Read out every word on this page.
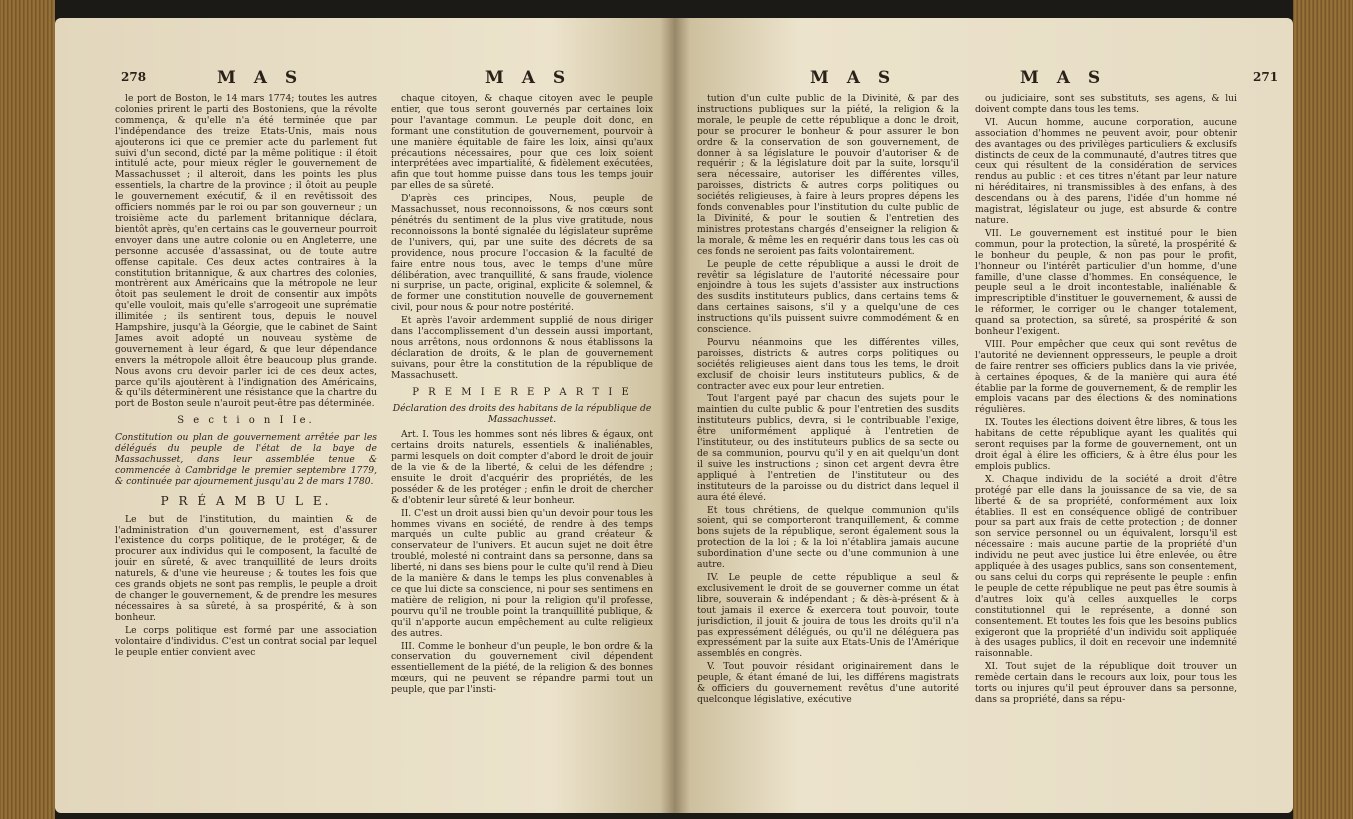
278	M A S	M A S

le port de Boston, le 14 mars 1774; toutes les autres colonies prirent le parti des Bostoniens, que la révolte commença, & qu'elle n'a été terminée que par l'indépendance des treize Etats-Unis, mais nous ajouterons ici que ce premier acte du parlement fut suivi d'un second, dicté par la même politique : il étoit intitulé acte, pour mieux régler le gouvernement de Massachusset ; il alteroit, dans les points les plus essentiels, la chartre de la province ; il ôtoit au peuple le gouvernement exécutif, & il en revêtissoit des officiers nommés par le roi ou par son gouverneur ; un troisième acte du parlement britannique déclara, bientôt après, qu'en certains cas le gouverneur pourroit envoyer dans une autre colonie ou en Angleterre, une personne accusée d'assassinat, ou de toute autre offense capitale. Ces deux actes contraires à la constitution britannique, & aux chartres des colonies, montrèrent aux Américains que la métropole ne leur ôtoit pas seulement le droit de consentir aux impôts qu'elle vouloit, mais qu'elle s'arrogeoit une suprématie illimitée ; ils sentirent tous, depuis le nouvel Hampshire, jusqu'à la Géorgie, que le cabinet de Saint James avoit adopté un nouveau système de gouvernement à leur égard, & que leur dépendance envers la métropole alloit être beaucoup plus grande. Nous avons cru devoir parler ici de ces deux actes, parce qu'ils ajoutèrent à l'indignation des Américains, & qu'ils déterminèrent une résistance que la chartre du port de Boston seule n'auroit peut-être pas déterminée.

S e c t i o n I Ie.

Constitution ou plan de gouvernement arrêtée par les délégués du peuple de l'état de la baye de Massachusset, dans leur assemblée tenue & commencée à Cambridge le premier septembre 1779, & continuée par ajournement jusqu'au 2 de mars 1780.

P R É A M B U L E.

Le but de l'institution, du maintien & de l'administration d'un gouvernement, est d'assurer l'existence du corps politique, de le protéger, & de procurer aux individus qui le composent, la faculté de jouir en sûreté, & avec tranquillité de leurs droits naturels, & d'une vie heureuse ; & toutes les fois que ces grands objets ne sont pas remplis, le peuple a droit de changer le gouvernement, & de prendre les mesures nécessaires à sa sûreté, à sa prospérité, & à son bonheur.

Le corps politique est formé par une association volontaire d'individus. C'est un contrat social par lequel le peuple entier convient avec

chaque citoyen, & chaque citoyen avec le peuple entier, que tous seront gouvernés par certaines loix pour l'avantage commun. Le peuple doit donc, en formant une constitution de gouvernement, pourvoir à une manière équitable de faire les loix, ainsi qu'aux précautions nécessaires, pour que ces loix soient interprétées avec impartialité, & fidèlement exécutées, afin que tout homme puisse dans tous les temps jouir par elles de sa sûreté.

D'après ces principes, Nous, peuple de Massachusset, nous reconnoissons, & nos cœurs sont pénétrés du sentiment de la plus vive gratitude, nous reconnoissons la bonté signalée du législateur suprême de l'univers, qui, par une suite des décrets de sa providence, nous procure l'occasion & la faculté de faire entre nous tous, avec le temps d'une mûre délibération, avec tranquillité, & sans fraude, violence ni surprise, un pacte, original, explicite & solemnel, & de former une constitution nouvelle de gouvernement civil, pour nous & pour notre postérité.

Et après l'avoir ardemment supplié de nous diriger dans l'accomplissement d'un dessein aussi important, nous arrêtons, nous ordonnons & nous établissons la déclaration de droits, & le plan de gouvernement suivans, pour être la constitution de la république de Massachusett.

P R E M I E R E P A R T I E

Déclaration des droits des habitans de la république de Massachusset.

Art. I. Tous les hommes sont nés libres & égaux, ont certains droits naturels, essentiels & inaliénables, parmi lesquels on doit compter d'abord le droit de jouir de la vie & de la liberté, & celui de les défendre ; ensuite le droit d'acquérir des propriétés, de les posséder & de les protéger ; enfin le droit de chercher & d'obtenir leur sûreté & leur bonheur.

II. C'est un droit aussi bien qu'un devoir pour tous les hommes vivans en société, de rendre à des temps marqués un culte public au grand créateur & conservateur de l'univers. Et aucun sujet ne doit être troublé, molesté ni contraint dans sa personne, dans sa liberté, ni dans ses biens pour le culte qu'il rend à Dieu de la manière & dans le temps les plus convenables à ce que lui dicte sa conscience, ni pour ses sentimens en matière de religion, ni pour la religion qu'il professe, pourvu qu'il ne trouble point la tranquillité publique, & qu'il n'apporte aucun empêchement au culte religieux des autres.

III. Comme le bonheur d'un peuple, le bon ordre & la conservation du gouvernement civil dépendent essentiellement de la piété, de la religion & des bonnes mœurs, qui ne peuvent se répandre parmi tout un peuple, que par l'insti-

M A S	M A S	271

tution d'un culte public de la Divinité, & par des instructions publiques sur la piété, la religion & la morale, le peuple de cette république a donc le droit, pour se procurer le bonheur & pour assurer le bon ordre & la conservation de son gouvernement, de donner à sa législature le pouvoir d'autoriser & de requérir ; & la législature doit par la suite, lorsqu'il sera nécessaire, autoriser les différentes villes, paroisses, districts & autres corps politiques ou sociétés religieuses, à faire à leurs propres dépens les fonds convenables pour l'institution du culte public de la Divinité, & pour le soutien & l'entretien des ministres protestans chargés d'enseigner la religion & la morale, & même les en requérir dans tous les cas où ces fonds ne seroient pas faits volontairement.

Le peuple de cette république a aussi le droit de revêtir sa législature de l'autorité nécessaire pour enjoindre à tous les sujets d'assister aux instructions des susdits instituteurs publics, dans certains tems & dans certaines saisons, s'il y a quelqu'une de ces instructions qu'ils puissent suivre commodément & en conscience.

Pourvu néanmoins que les différentes villes, paroisses, districts & autres corps politiques ou sociétés religieuses aient dans tous les tems, le droit exclusif de choisir leurs instituteurs publics, & de contracter avec eux pour leur entretien.

Tout l'argent payé par chacun des sujets pour le maintien du culte public & pour l'entretien des susdits instituteurs publics, devra, si le contribuable l'exige, être uniformément appliqué à l'entretien de l'instituteur, ou des instituteurs publics de sa secte ou de sa communion, pourvu qu'il y en ait quelqu'un dont il suive les instructions ; sinon cet argent devra être appliqué à l'entretien de l'instituteur ou des instituteurs de la paroisse ou du district dans lequel il aura été élevé.

Et tous chrétiens, de quelque communion qu'ils soient, qui se comporteront tranquillement, & comme bons sujets de la république, seront également sous la protection de la loi ; & la loi n'établira jamais aucune subordination d'une secte ou d'une communion à une autre.

IV. Le peuple de cette république a seul & exclusivement le droit de se gouverner comme un état libre, souverain & indépendant ; & dès-à-présent & à tout jamais il exerce & exercera tout pouvoir, toute jurisdiction, il jouit & jouira de tous les droits qu'il n'a pas expressément délégués, ou qu'il ne déléguera pas expressément par la suite aux Etats-Unis de l'Amérique assemblés en congrès.

V. Tout pouvoir résidant originairement dans le peuple, & étant émané de lui, les différens magistrats & officiers du gouvernement revêtus d'une autorité quelconque législative, exécutive

ou judiciaire, sont ses substituts, ses agens, & lui doivent compte dans tous les tems.

VI. Aucun homme, aucune corporation, aucune association d'hommes ne peuvent avoir, pour obtenir des avantages ou des privilèges particuliers & exclusifs distincts de ceux de la communauté, d'autres titres que ceux qui résultent de la considération de services rendus au public : et ces titres n'étant par leur nature ni héréditaires, ni transmissibles à des enfans, à des descendans ou à des parens, l'idée d'un homme né magistrat, législateur ou juge, est absurde & contre nature.

VII. Le gouvernement est institué pour le bien commun, pour la protection, la sûreté, la prospérité & le bonheur du peuple, & non pas pour le profit, l'honneur ou l'intérêt particulier d'un homme, d'une famille, d'une classe d'hommes. En conséquence, le peuple seul a le droit incontestable, inaliénable & imprescriptible d'instituer le gouvernement, & aussi de le réformer, le corriger ou le changer totalement, quand sa protection, sa sûreté, sa prospérité & son bonheur l'exigent.

VIII. Pour empêcher que ceux qui sont revêtus de l'autorité ne deviennent oppresseurs, le peuple a droit de faire rentrer ses officiers publics dans la vie privée, à certaines époques, & de la manière qui aura été établie par la forme de gouvernement, & de remplir les emplois vacans par des élections & des nominations régulières.

IX. Toutes les élections doivent être libres, & tous les habitans de cette république ayant les qualités qui seront requises par la forme de gouvernement, ont un droit égal à élire les officiers, & à être élus pour les emplois publics.

X. Chaque individu de la société a droit d'être protégé par elle dans la jouissance de sa vie, de sa liberté & de sa propriété, conformément aux loix établies. Il est en conséquence obligé de contribuer pour sa part aux frais de cette protection ; de donner son service personnel ou un équivalent, lorsqu'il est nécessaire : mais aucune partie de la propriété d'un individu ne peut avec justice lui être enlevée, ou être appliquée à des usages publics, sans son consentement, ou sans celui du corps qui représente le peuple : enfin le peuple de cette république ne peut pas être soumis à d'autres loix qu'à celles auxquelles le corps constitutionnel qui le représente, a donné son consentement. Et toutes les fois que les besoins publics exigeront que la propriété d'un individu soit appliquée à des usages publics, il doit en recevoir une indemnité raisonnable.

XI. Tout sujet de la république doit trouver un remède certain dans le recours aux loix, pour tous les torts ou injures qu'il peut éprouver dans sa personne, dans sa propriété, dans sa répu-
